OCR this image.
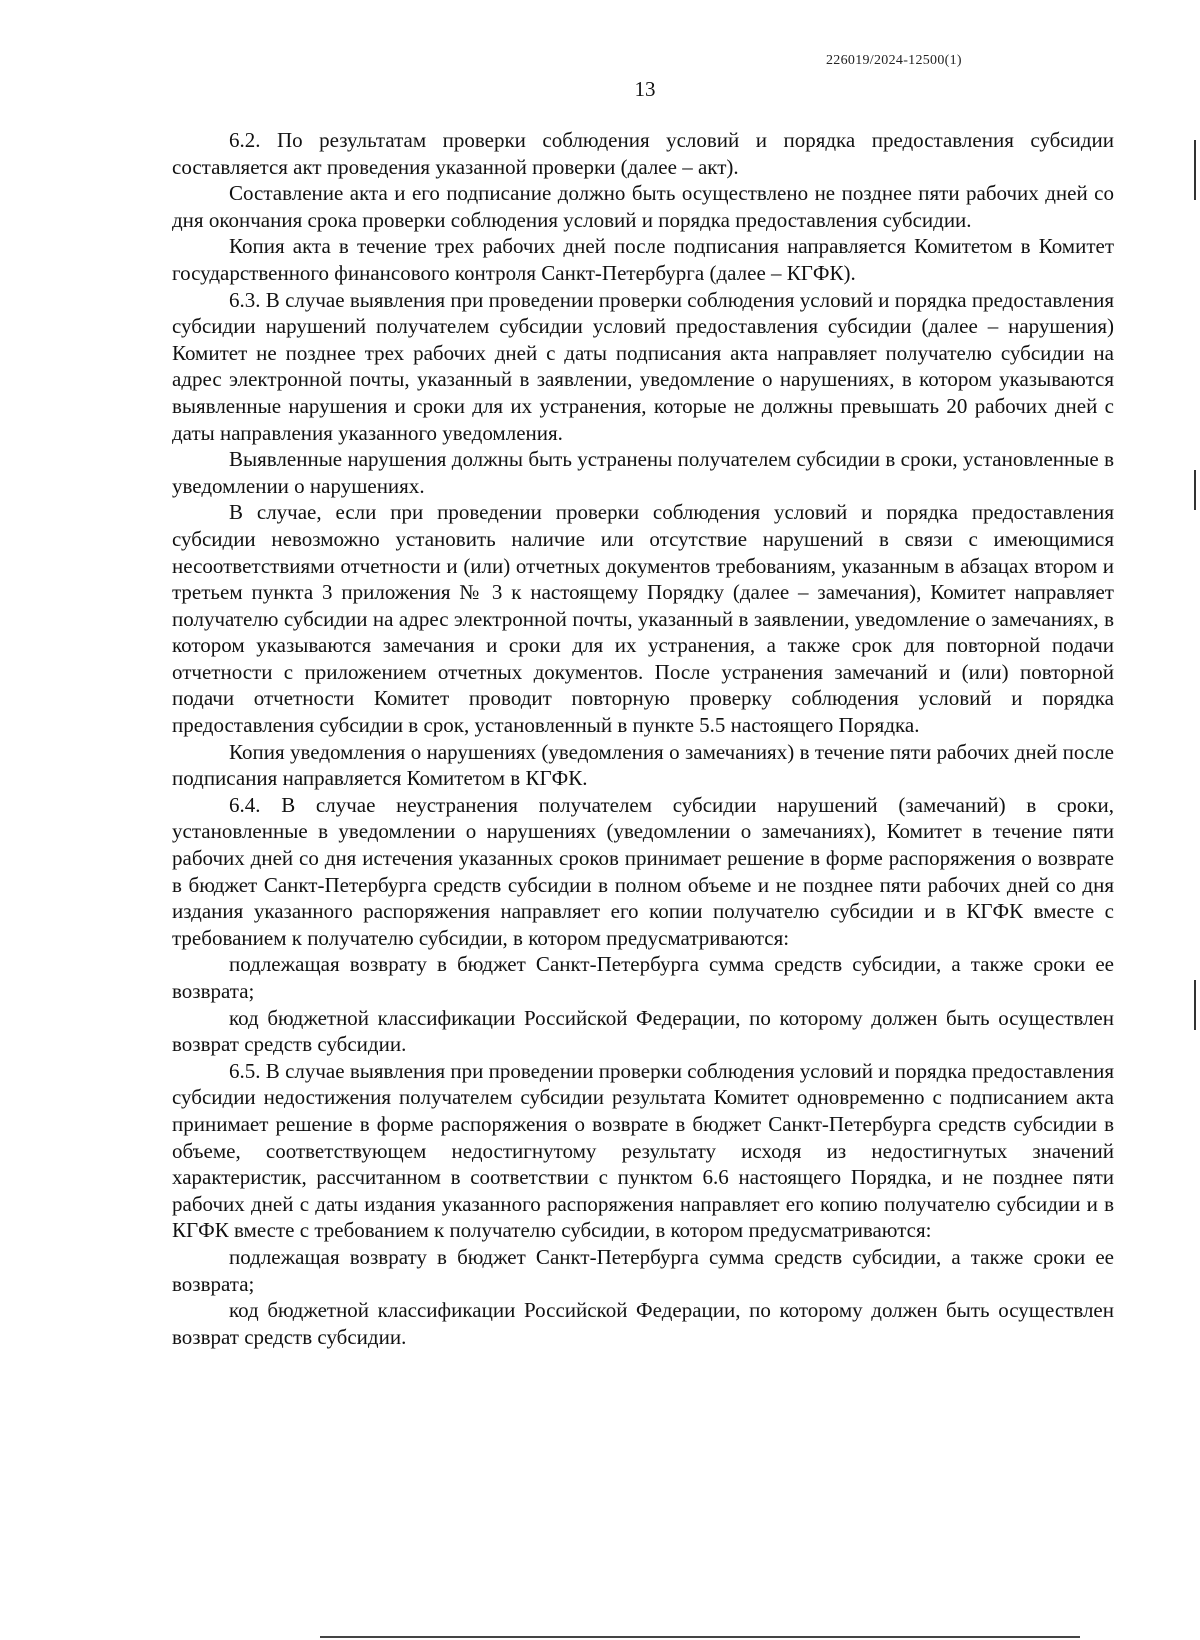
226019/2024-12500(1)
13

6.2. По результатам проверки соблюдения условий и порядка предоставления субсидии составляется акт проведения указанной проверки (далее – акт).

Составление акта и его подписание должно быть осуществлено не позднее пяти рабочих дней со дня окончания срока проверки соблюдения условий и порядка предоставления субсидии.

Копия акта в течение трех рабочих дней после подписания направляется Комитетом в Комитет государственного финансового контроля Санкт-Петербурга (далее – КГФК).

6.3. В случае выявления при проведении проверки соблюдения условий и порядка предоставления субсидии нарушений получателем субсидии условий предоставления субсидии (далее – нарушения) Комитет не позднее трех рабочих дней с даты подписания акта направляет получателю субсидии на адрес электронной почты, указанный в заявлении, уведомление о нарушениях, в котором указываются выявленные нарушения и сроки для их устранения, которые не должны превышать 20 рабочих дней с даты направления указанного уведомления.

Выявленные нарушения должны быть устранены получателем субсидии в сроки, установленные в уведомлении о нарушениях.

В случае, если при проведении проверки соблюдения условий и порядка предоставления субсидии невозможно установить наличие или отсутствие нарушений в связи с имеющимися несоответствиями отчетности и (или) отчетных документов требованиям, указанным в абзацах втором и третьем пункта 3 приложения № 3 к настоящему Порядку (далее – замечания), Комитет направляет получателю субсидии на адрес электронной почты, указанный в заявлении, уведомление о замечаниях, в котором указываются замечания и сроки для их устранения, а также срок для повторной подачи отчетности с приложением отчетных документов. После устранения замечаний и (или) повторной подачи отчетности Комитет проводит повторную проверку соблюдения условий и порядка предоставления субсидии в срок, установленный в пункте 5.5 настоящего Порядка.

Копия уведомления о нарушениях (уведомления о замечаниях) в течение пяти рабочих дней после подписания направляется Комитетом в КГФК.

6.4. В случае неустранения получателем субсидии нарушений (замечаний) в сроки, установленные в уведомлении о нарушениях (уведомлении о замечаниях), Комитет в течение пяти рабочих дней со дня истечения указанных сроков принимает решение в форме распоряжения о возврате в бюджет Санкт-Петербурга средств субсидии в полном объеме и не позднее пяти рабочих дней со дня издания указанного распоряжения направляет его копии получателю субсидии и в КГФК вместе с требованием к получателю субсидии, в котором предусматриваются:

подлежащая возврату в бюджет Санкт-Петербурга сумма средств субсидии, а также сроки ее возврата;

код бюджетной классификации Российской Федерации, по которому должен быть осуществлен возврат средств субсидии.

6.5. В случае выявления при проведении проверки соблюдения условий и порядка предоставления субсидии недостижения получателем субсидии результата Комитет одновременно с подписанием акта принимает решение в форме распоряжения о возврате в бюджет Санкт-Петербурга средств субсидии в объеме, соответствующем недостигнутому результату исходя из недостигнутых значений характеристик, рассчитанном в соответствии с пунктом 6.6 настоящего Порядка, и не позднее пяти рабочих дней с даты издания указанного распоряжения направляет его копию получателю субсидии и в КГФК вместе с требованием к получателю субсидии, в котором предусматриваются:

подлежащая возврату в бюджет Санкт-Петербурга сумма средств субсидии, а также сроки ее возврата;

код бюджетной классификации Российской Федерации, по которому должен быть осуществлен возврат средств субсидии.
